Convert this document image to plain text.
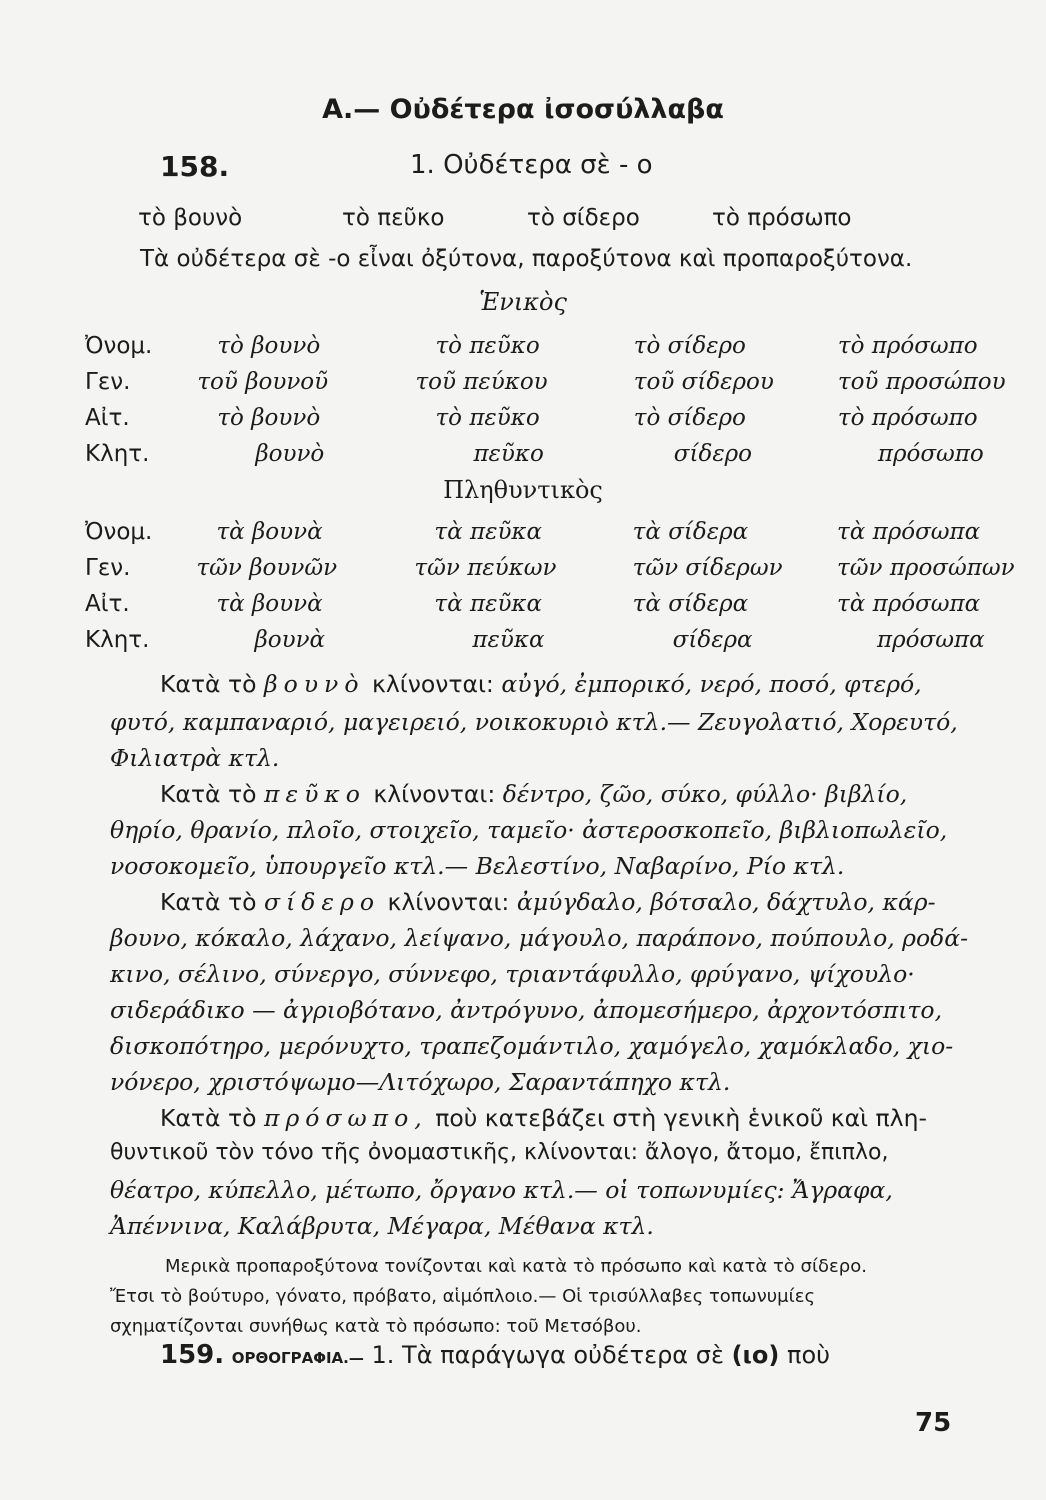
Α.— Οὐδέτερα ἰσοσύλλαβα
158.	1. Οὐδέτερα σὲ - ο
τὸ βουνὸ	τὸ πεῦκο	τὸ σίδερο	τὸ πρόσωπο
Τὰ οὐδέτερα σὲ -ο εἶναι ὀξύτονα, παροξύτονα καὶ προπαροξύτονα.
Ἑνικὸς
Ὀνομ.	τὸ βουνὸ	τὸ πεῦκο	τὸ σίδερο	τὸ πρόσωπο
Γεν.	τοῦ βουνοῦ	τοῦ πεύκου	τοῦ σίδερου	τοῦ προσώπου
Αἰτ.	τὸ βουνὸ	τὸ πεῦκο	τὸ σίδερο	τὸ πρόσωπο
Κλητ.	βουνὸ	πεῦκο	σίδερο	πρόσωπο
Πληθυντικὸς
Ὀνομ.	τὰ βουνὰ	τὰ πεῦκα	τὰ σίδερα	τὰ πρόσωπα
Γεν.	τῶν βουνῶν	τῶν πεύκων	τῶν σίδερων	τῶν προσώπων
Αἰτ.	τὰ βουνὰ	τὰ πεῦκα	τὰ σίδερα	τὰ πρόσωπα
Κλητ.	βουνὰ	πεῦκα	σίδερα	πρόσωπα
Κατὰ τὸ βουνὸ κλίνονται: αὐγό, ἐμπορικό, νερό, ποσό, φτερό,
φυτό, καμπαναριό, μαγειρειό, νοικοκυριὸ κτλ.— Ζευγολατιό, Χορευτό,
Φιλιατρὰ κτλ.
Κατὰ τὸ πεῦκο κλίνονται: δέντρο, ζῶο, σύκο, φύλλο· βιβλίο,
θηρίο, θρανίο, πλοῖο, στοιχεῖο, ταμεῖο· ἀστεροσκοπεῖο, βιβλιοπωλεῖο,
νοσοκομεῖο, ὑπουργεῖο κτλ.— Βελεστίνο, Ναβαρίνο, Ρίο κτλ.
Κατὰ τὸ σίδερο κλίνονται: ἀμύγδαλο, βότσαλο, δάχτυλο, κάρ-
βουνο, κόκαλο, λάχανο, λείψανο, μάγουλο, παράπονο, πούπουλο, ροδά-
κινο, σέλινο, σύνεργο, σύννεφο, τριαντάφυλλο, φρύγανο, ψίχουλο·
σιδεράδικο — ἀγριοβότανο, ἀντρόγυνο, ἀπομεσήμερο, ἀρχοντόσπιτο,
δισκοπότηρο, μερόνυχτο, τραπεζομάντιλο, χαμόγελο, χαμόκλαδο, χιο-
νόνερο, χριστόψωμο—Λιτόχωρο, Σαραντάπηχο κτλ.
Κατὰ τὸ πρόσωπο, ποὺ κατεβάζει στὴ γενικὴ ἑνικοῦ καὶ πλη-
θυντικοῦ τὸν τόνο τῆς ὀνομαστικῆς, κλίνονται: ἄλογο, ἄτομο, ἔπιπλο,
θέατρο, κύπελλο, μέτωπο, ὄργανο κτλ.— οἱ τοπωνυμίες: Ἄγραφα,
Ἀπέννινα, Καλάβρυτα, Μέγαρα, Μέθανα κτλ.
Μερικὰ προπαροξύτονα τονίζονται καὶ κατὰ τὸ πρόσωπο καὶ κατὰ τὸ σίδερο.
Ἔτσι τὸ βούτυρο, γόνατο, πρόβατο, αἱμόπλοιο.— Οἱ τρισύλλαβες τοπωνυμίες
σχηματίζονται συνήθως κατὰ τὸ πρόσωπο: τοῦ Μετσόβου.
159. ΟΡΘΟΓΡΑΦΙΑ.— 1. Τὰ παράγωγα οὐδέτερα σὲ (ιο) ποὺ
75
